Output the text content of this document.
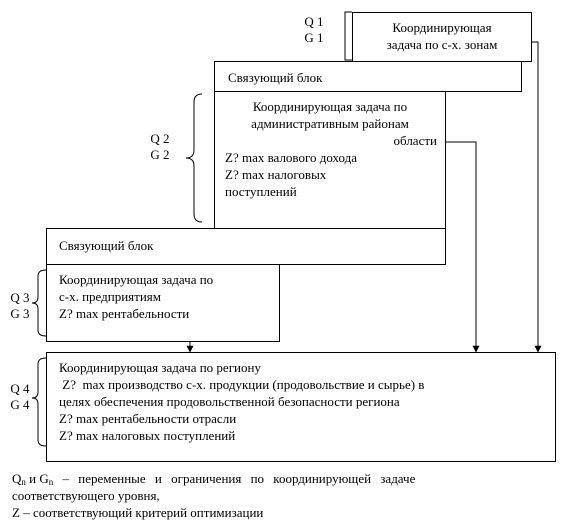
Q 1
G 1
Координирующая
задача по с-х. зонам
Связующий блок
Q 2
G 2
Координирующая задача по
административным районам
области
Z? max валового дохода
Z? max налоговых
поступлений
Связующий блок
Q 3
G 3
Координирующая задача по
с-х. предприятиям
Z? max рентабельности
Q 4
G 4
Координирующая задача по региону
Z?  max производство с-х. продукции (продовольствие и сырье) в
целях обеспечения продовольственной безопасности региона
Z? max рентабельности отрасли
Z? max налоговых поступлений
$Q_n$ и $G_n$ – переменные и ограничения по координирующей задаче
соответствующего уровня,
Z – соответствующий критерий оптимизации
